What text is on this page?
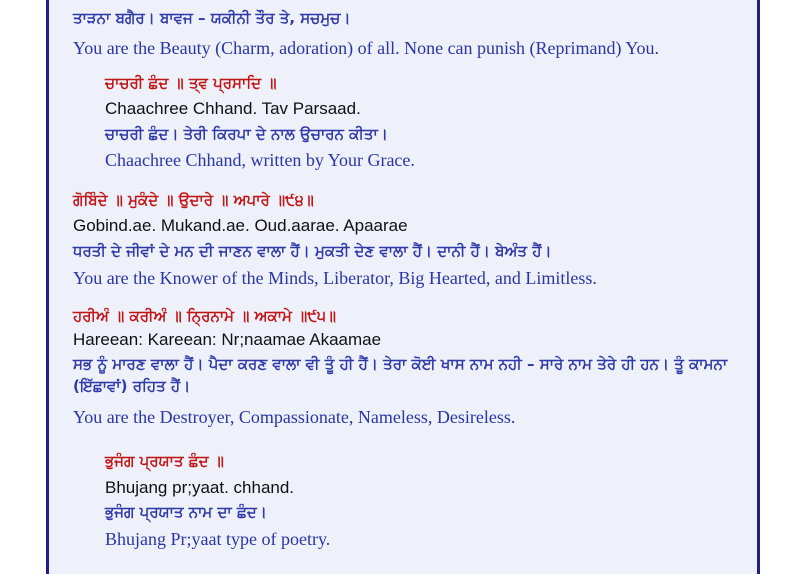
ਤਾੜਨਾ ਬਗੈਰ। ਬਾਵਜ – ਯਕੀਨੀ ਤੌਰ ਤੇ, ਸਚਮੁਚ।
You are the Beauty (Charm, adoration) of all. None can punish (Reprimand) You.
ਚਾਚਰੀ ਛੰਦ ॥ ਤ੍ਵ ਪ੍ਰਸਾਦਿ ॥
Chaachree Chhand. Tav Parsaad.
ਚਾਚਰੀ ਛੰਦ। ਤੇਰੀ ਕਿਰਪਾ ਦੇ ਨਾਲ ਉਚਾਰਨ ਕੀਤਾ।
Chaachree Chhand, written by Your Grace.
ਗੋਬਿੰਦੇ ॥ ਮੁਕੰਦੇ ॥ ਉਦਾਰੇ ॥ ਅਪਾਰੇ ॥੯੪॥
Gobind.ae. Mukand.ae. Oud.aarae. Apaarae
ਧਰਤੀ ਦੇ ਜੀਵਾਂ ਦੇ ਮਨ ਦੀ ਜਾਣਨ ਵਾਲਾ ਹੈਂ। ਮੁਕਤੀ ਦੇਣ ਵਾਲਾ ਹੈਂ। ਦਾਨੀ ਹੈਂ। ਬੇਅੰਤ ਹੈਂ।
You are the Knower of the Minds, Liberator, Big Hearted, and Limitless.
ਹਰੀਅੰ ॥ ਕਰੀਅੰ ॥ ਨ੍ਰਿਨਾਮੇ ॥ ਅਕਾਮੇ ॥੯੫॥
Hareean: Kareean: Nr;naamae Akaamae
ਸਭ ਨੂੰ ਮਾਰਣ ਵਾਲਾ ਹੈਂ। ਪੈਦਾ ਕਰਣ ਵਾਲਾ ਵੀ ਤੂੰ ਹੀ ਹੈਂ। ਤੇਰਾ ਕੋਈ ਖਾਸ ਨਾਮ ਨਹੀ – ਸਾਰੇ ਨਾਮ ਤੇਰੇ ਹੀ ਹਨ। ਤੂੰ ਕਾਮਨਾ (ਇੱਛਾਵਾਂ) ਰਹਿਤ ਹੈਂ।
You are the Destroyer, Compassionate, Nameless, Desireless.
ਭੁਜੰਗ ਪ੍ਰਯਾਤ ਛੰਦ ॥
Bhujang pr;yaat. chhand.
ਭੁਜੰਗ ਪ੍ਰਯਾਤ ਨਾਮ ਦਾ ਛੰਦ।
Bhujang Pr;yaat type of poetry.
